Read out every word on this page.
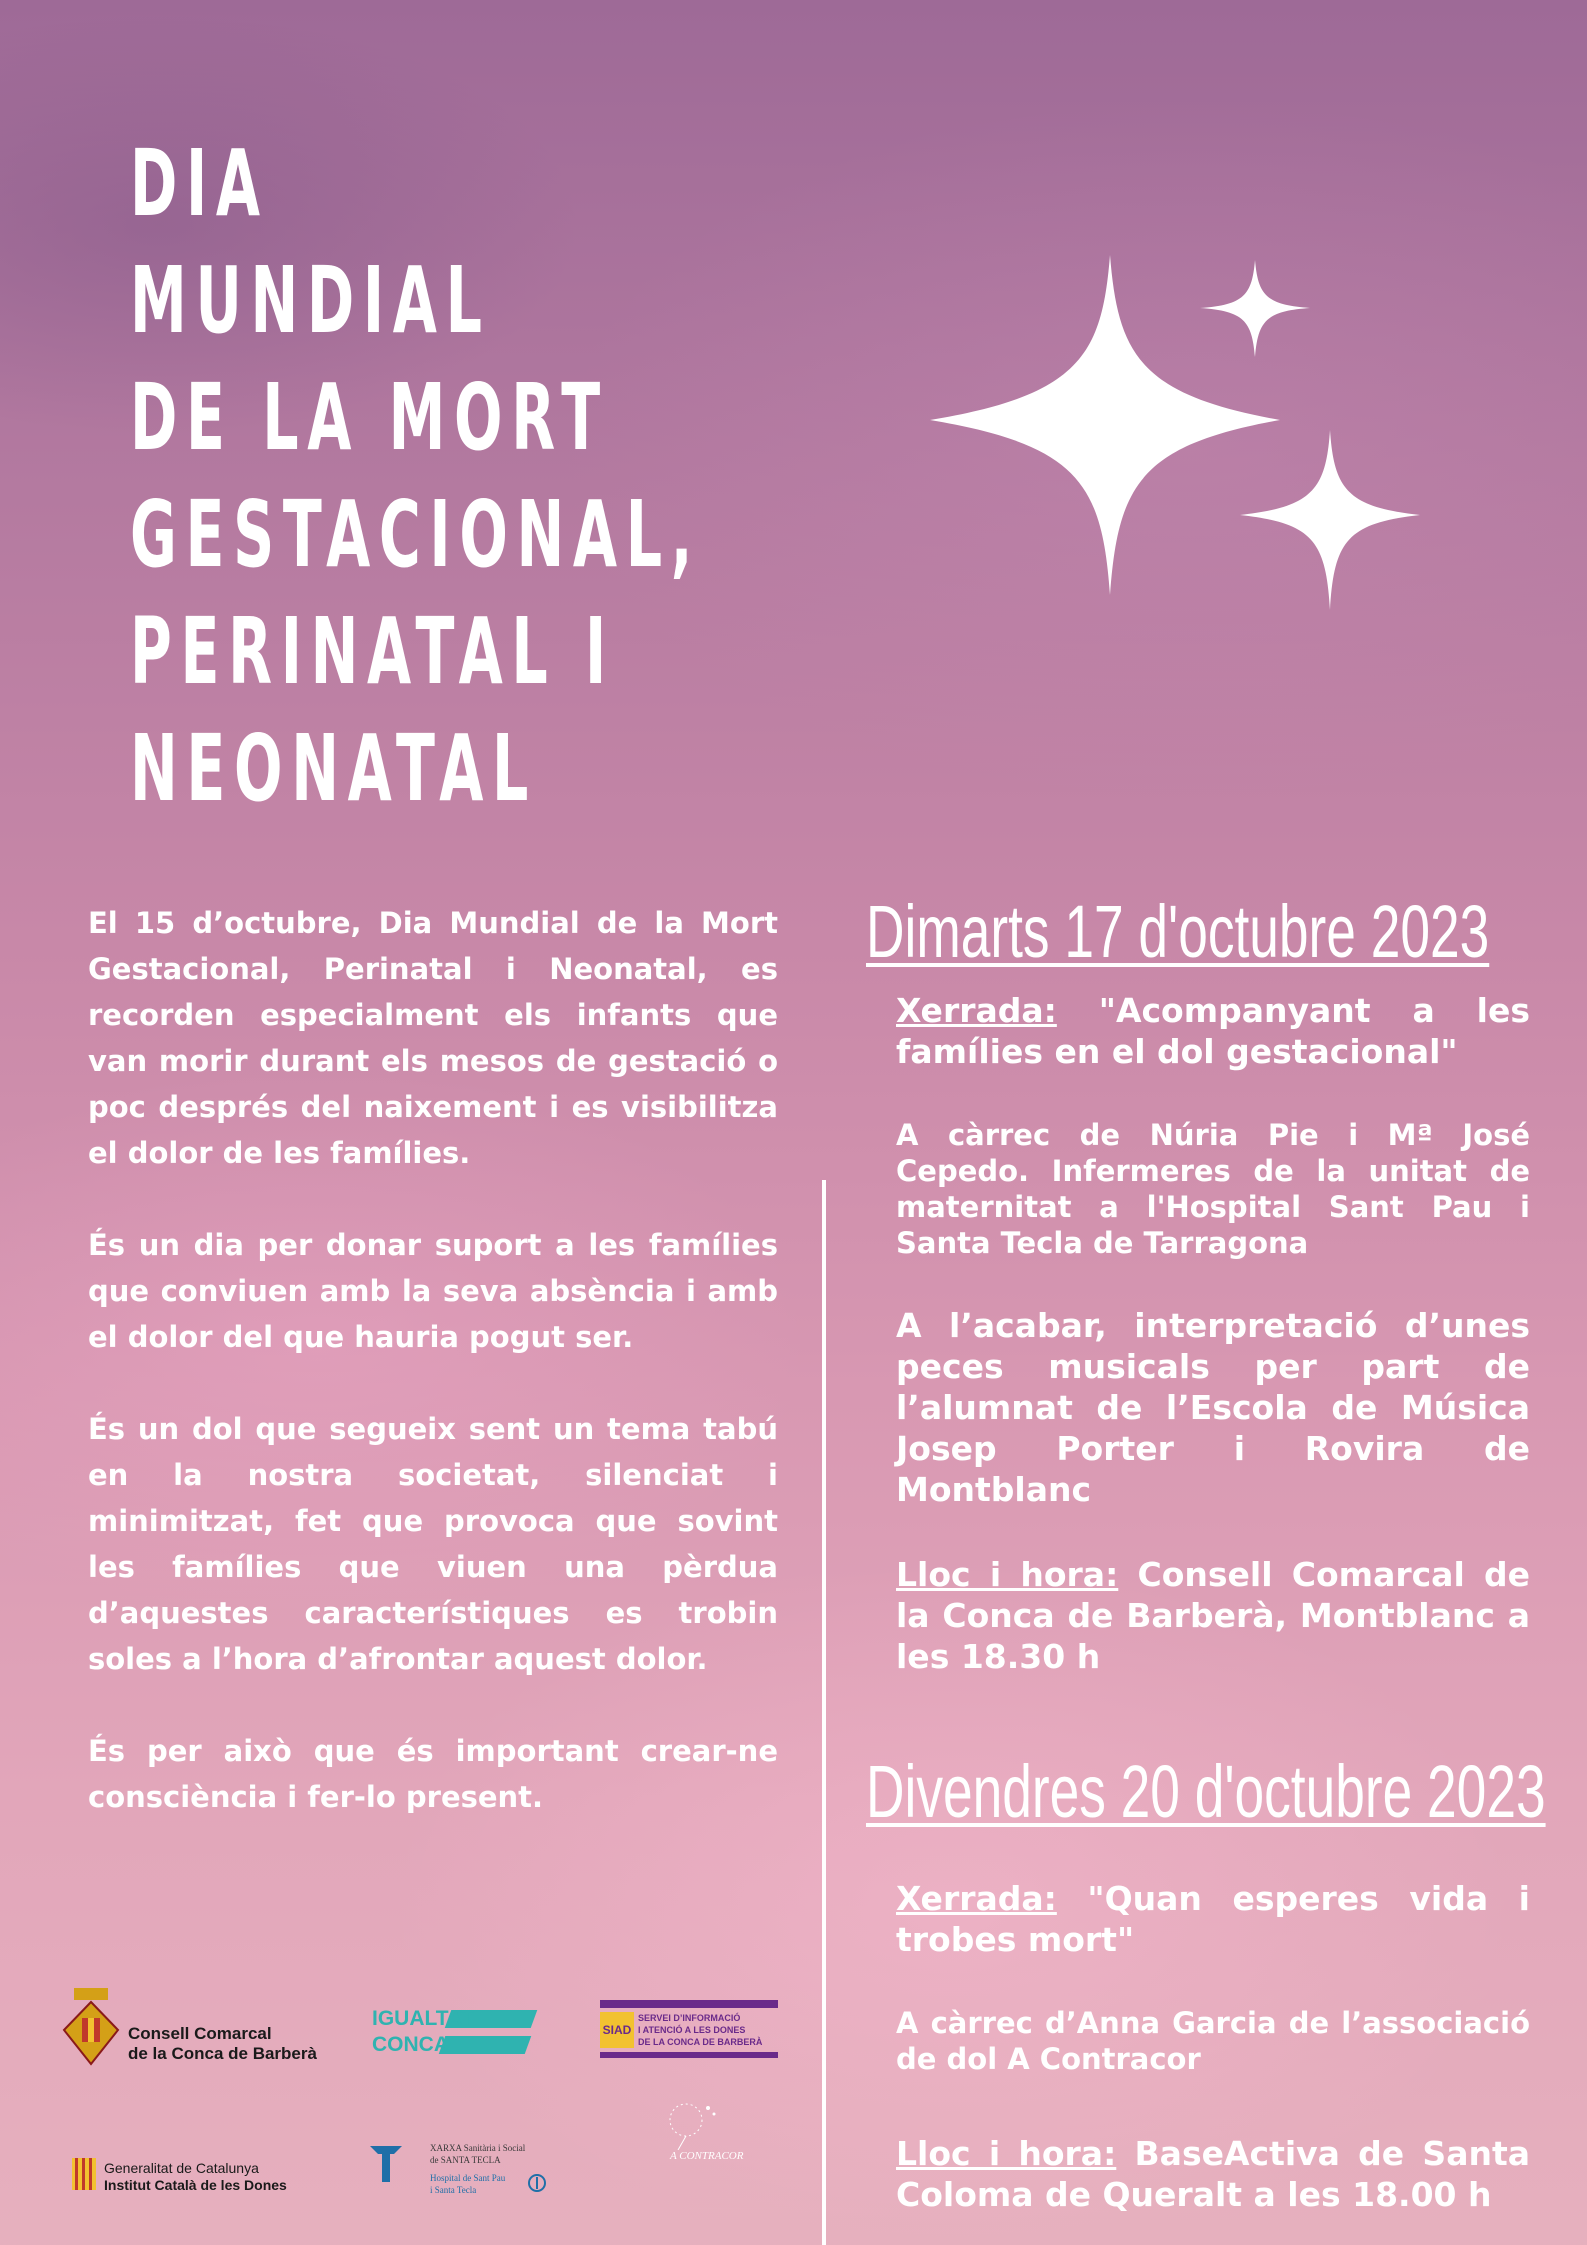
DIA
MUNDIAL
DE LA MORT
GESTACIONAL,
PERINATAL I
NEONATAL

El 15 d’octubre, Dia Mundial de la Mort Gestacional, Perinatal i Neonatal, es recorden especialment els infants que van morir durant els mesos de gestació o poc després del naixement i es visibilitza el dolor de les famílies.

És un dia per donar suport a les famílies que conviuen amb la seva absència i amb el dolor del que hauria pogut ser.

És un dol que segueix sent un tema tabú en la nostra societat, silenciat i minimitzat, fet que provoca que sovint les famílies que viuen una pèrdua d’aquestes característiques es trobin soles a l’hora d’afrontar aquest dolor.

És per això que és important crear-ne consciència i fer-lo present.

Dimarts 17 d'octubre 2023

Xerrada: "Acompanyant a les famílies en el dol gestacional"

A càrrec de Núria Pie i Mª José Cepedo. Infermeres de la unitat de maternitat a l'Hospital Sant Pau i Santa Tecla de Tarragona

A l’acabar, interpretació d’unes peces musicals per part de l’alumnat de l’Escola de Música Josep Porter i Rovira de Montblanc

Lloc i hora: Consell Comarcal de la Conca de Barberà, Montblanc a les 18.30 h

Divendres 20 d'octubre 2023

Xerrada: "Quan esperes vida i trobes mort"

A càrrec d’Anna Garcia de l’associació de dol A Contracor

Lloc i hora: BaseActiva de Santa Coloma de Queralt a les 18.00 h

Consell Comarcal
de la Conca de Barberà
IGUALTAT
CONCA
SIAD
SERVEI D’INFORMACIÓ
I ATENCIÓ A LES DONES
DE LA CONCA DE BARBERÀ
Generalitat de Catalunya
Institut Català de les Dones
XARXA Sanitària i Social
de SANTA TECLA
Hospital de Sant Pau
i Santa Tecla
A CONTRACOR
